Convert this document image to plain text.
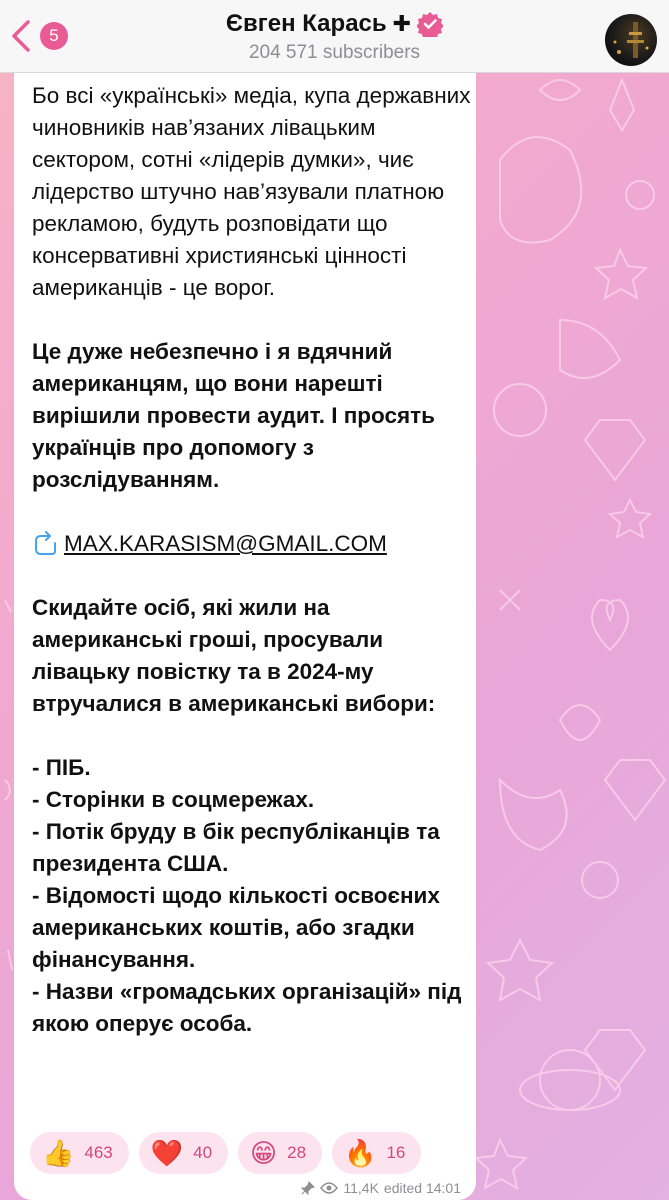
5	Євген Карась ✚
204 571 subscribers

Бо всі «українські» медіа, купа державних чиновників нав’язаних лівацьким сектором, сотні «лідерів думки», чиє лідерство штучно нав’язували платною рекламою, будуть розповідати що консервативні християнські цінності американців - це ворог.

Це дуже небезпечно і я вдячний американцям, що вони нарешті вирішили провести аудит. І просять українців про допомогу з розслідуванням.

MAX.KARASISM@GMAIL.COM

Скидайте осіб, які жили на американські гроші, просували лівацьку повістку та в 2024-му втручалися в американські вибори:

- ПІБ.

- Сторінки в соцмережах.

- Потік бруду в бік республіканців та президента США.

- Відомості щодо кількості освоєних американських коштів, або згадки фінансування.

- Назви «громадських організацій» під якою оперує особа.

👍 463 ❤️ 40 😁 28 🔥 16
11,4K edited 14:01
